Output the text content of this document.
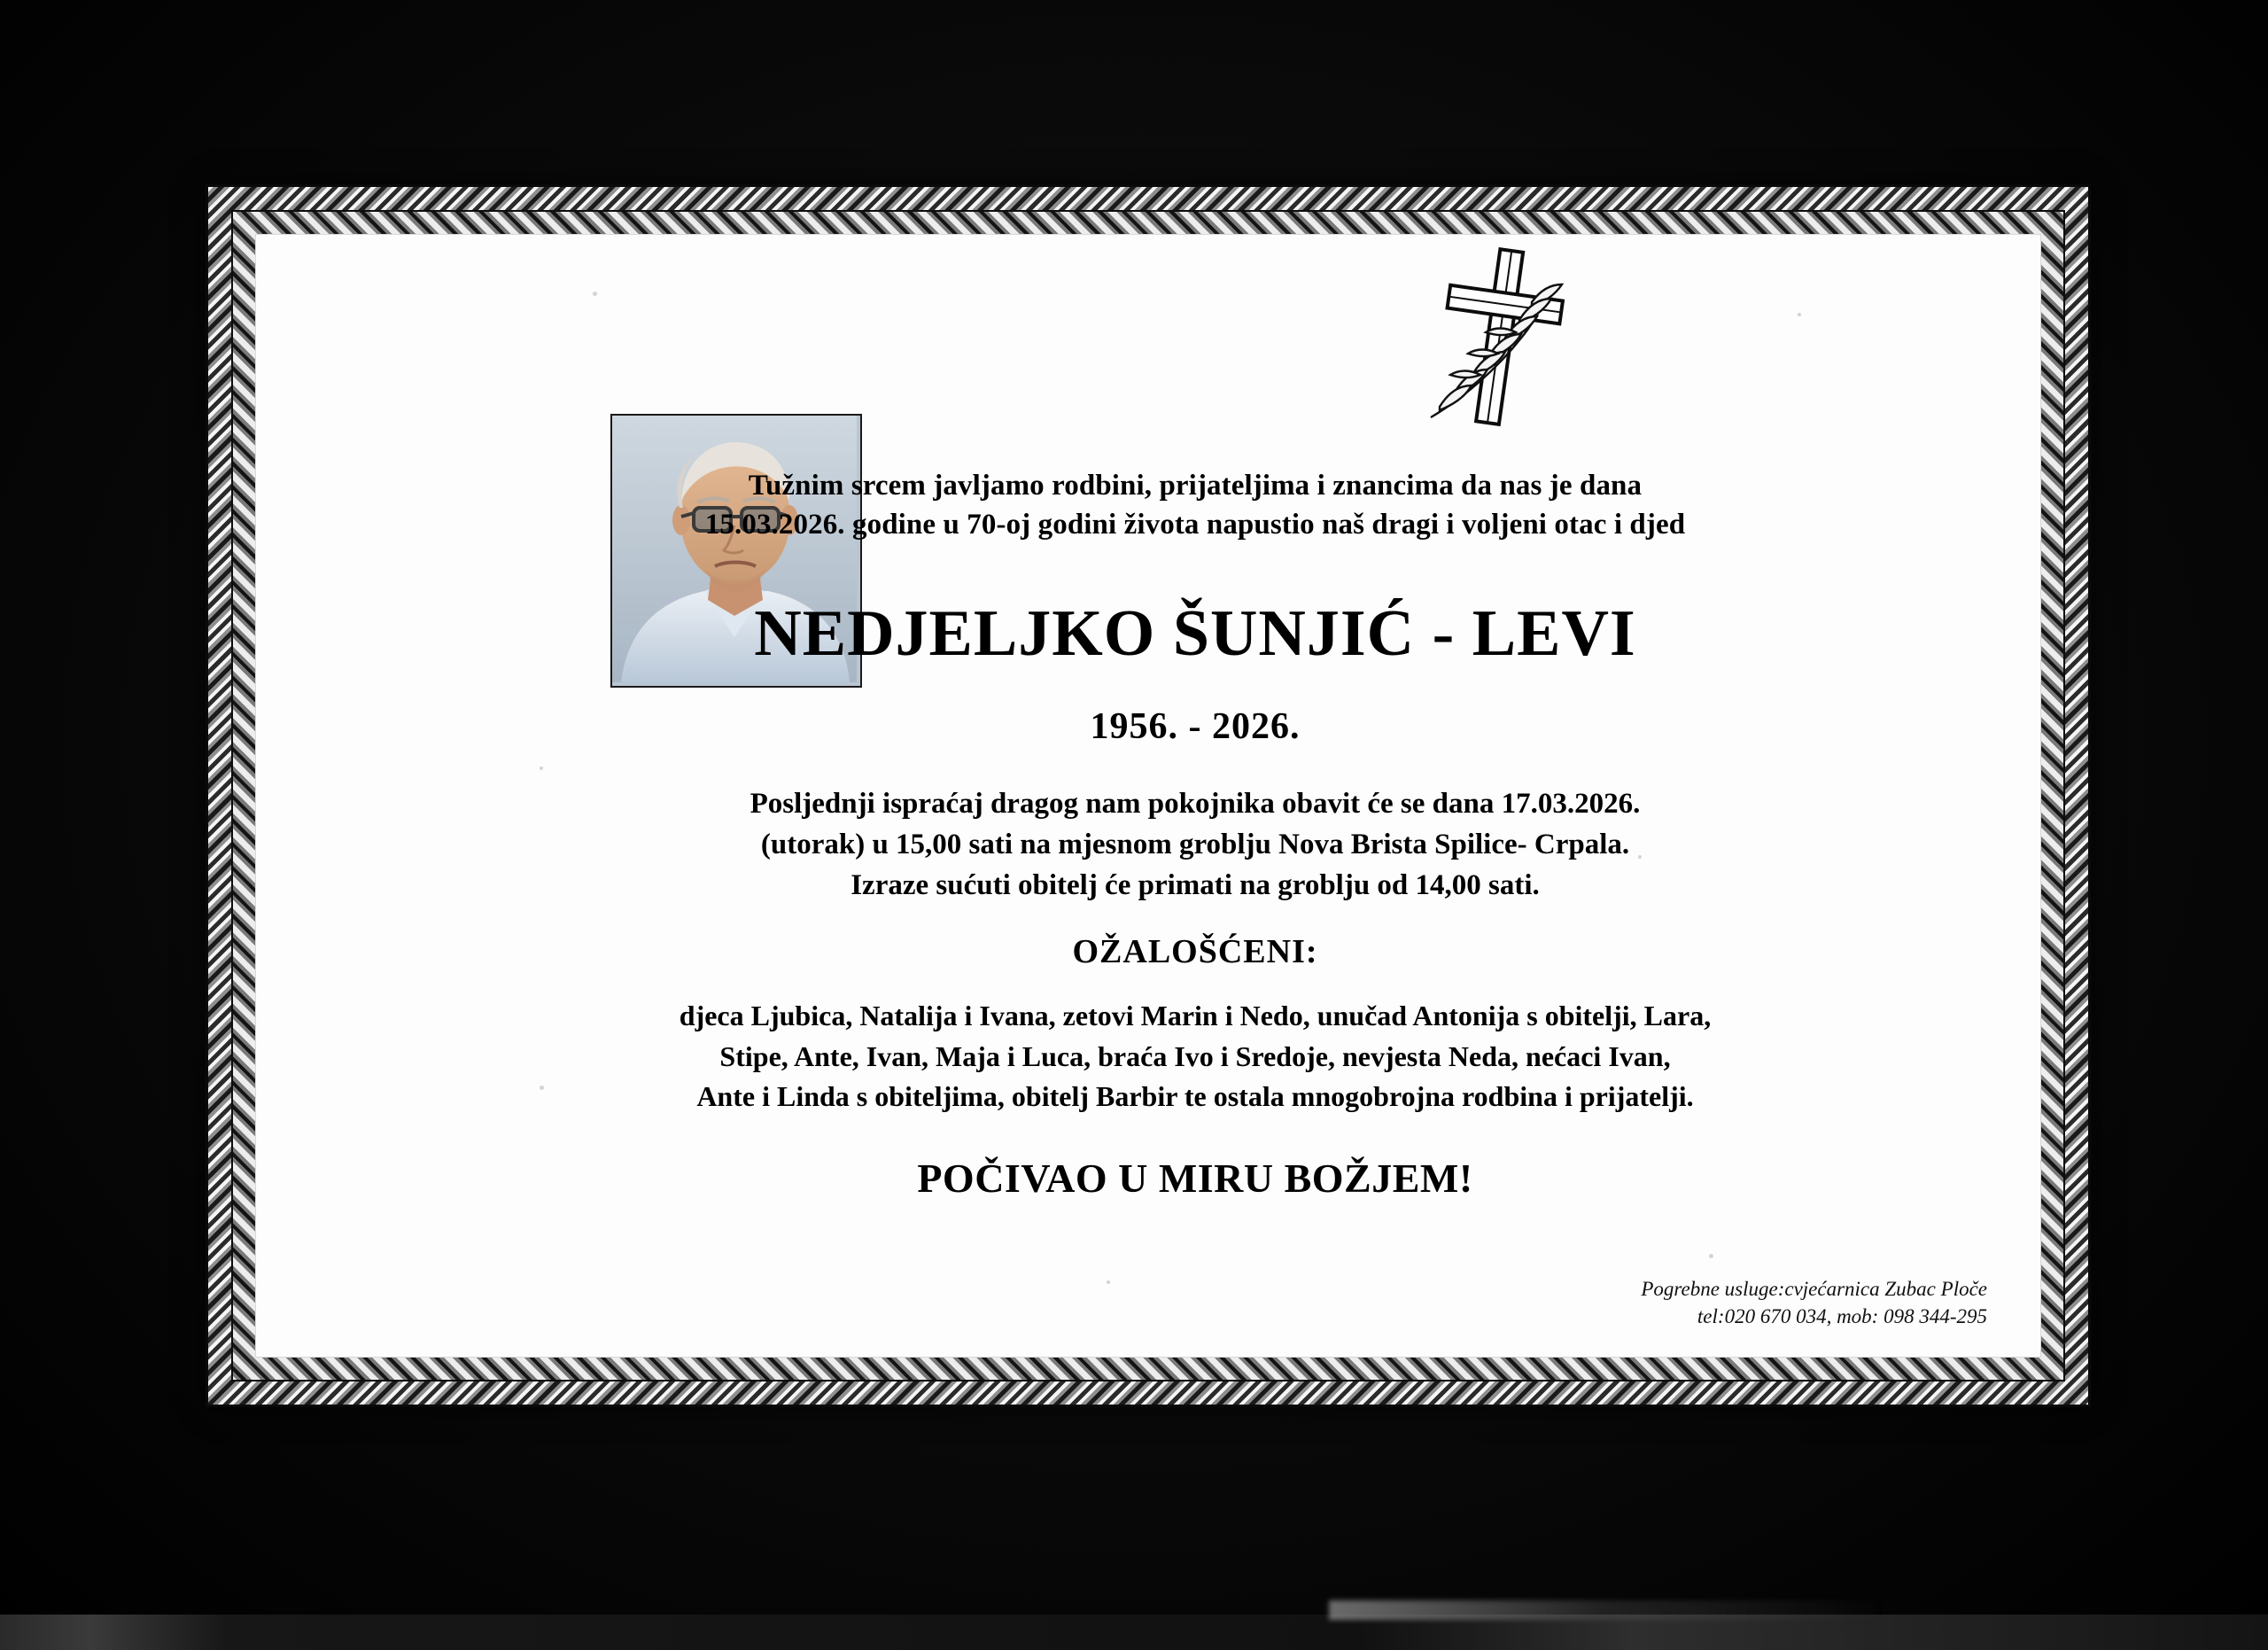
Tužnim srcem javljamo rodbini, prijateljima i znancima da nas je dana
15.03.2026. godine u 70-oj godini života napustio naš dragi i voljeni otac i djed
NEDJELJKO ŠUNJIĆ - LEVI
1956. - 2026.
Posljednji ispraćaj dragog nam pokojnika obavit će se dana 17.03.2026.
(utorak) u 15,00 sati na mjesnom groblju Nova Brista Spilice- Crpala.
Izraze sućuti obitelj će primati na groblju od 14,00 sati.
OŽALOŠĆENI:
djeca Ljubica, Natalija i Ivana, zetovi Marin i Nedo, unučad Antonija s obitelji, Lara,
Stipe, Ante, Ivan, Maja i Luca, braća Ivo i Sredoje, nevjesta Neda, nećaci Ivan,
Ante i Linda s obiteljima, obitelj Barbir te ostala mnogobrojna rodbina i prijatelji.
POČIVAO U MIRU BOŽJEM!
Pogrebne usluge:cvjećarnica Zubac Ploče
tel:020 670 034, mob: 098 344-295
